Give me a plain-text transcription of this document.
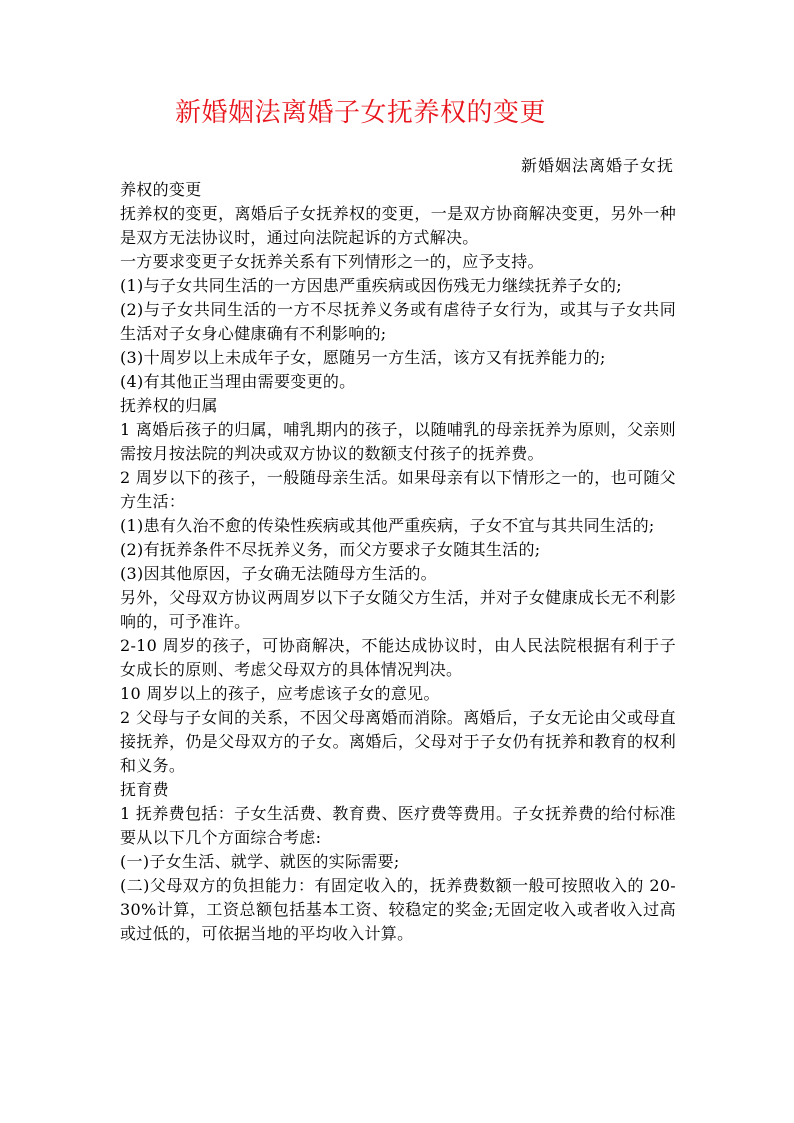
新婚姻法离婚子女抚养权的变更
新婚姻法离婚子女抚

养权的变更

抚养权的变更，离婚后子女抚养权的变更，一是双方协商解决变更，另外一种是双方无法协议时，通过向法院起诉的方式解决。

一方要求变更子女抚养关系有下列情形之一的，应予支持。

(1)与子女共同生活的一方因患严重疾病或因伤残无力继续抚养子女的;

(2)与子女共同生活的一方不尽抚养义务或有虐待子女行为，或其与子女共同生活对子女身心健康确有不利影响的;

(3)十周岁以上未成年子女，愿随另一方生活，该方又有抚养能力的;

(4)有其他正当理由需要变更的。

抚养权的归属

1 离婚后孩子的归属，哺乳期内的孩子，以随哺乳的母亲抚养为原则，父亲则需按月按法院的判决或双方协议的数额支付孩子的抚养费。

2 周岁以下的孩子，一般随母亲生活。如果母亲有以下情形之一的，也可随父方生活：

(1)患有久治不愈的传染性疾病或其他严重疾病，子女不宜与其共同生活的;

(2)有抚养条件不尽抚养义务，而父方要求子女随其生活的;

(3)因其他原因，子女确无法随母方生活的。

另外，父母双方协议两周岁以下子女随父方生活，并对子女健康成长无不利影响的，可予准许。

2-10 周岁的孩子，可协商解决，不能达成协议时，由人民法院根据有利于子女成长的原则、考虑父母双方的具体情况判决。

10 周岁以上的孩子，应考虑该子女的意见。

2 父母与子女间的关系，不因父母离婚而消除。离婚后，子女无论由父或母直接抚养，仍是父母双方的子女。离婚后，父母对于子女仍有抚养和教育的权利和义务。

抚育费

1 抚养费包括：子女生活费、教育费、医疗费等费用。子女抚养费的给付标准要从以下几个方面综合考虑:

(一)子女生活、就学、就医的实际需要;

(二)父母双方的负担能力：有固定收入的，抚养费数额一般可按照收入的 20-30%计算，工资总额包括基本工资、较稳定的奖金;无固定收入或者收入过高或过低的，可依据当地的平均收入计算。
